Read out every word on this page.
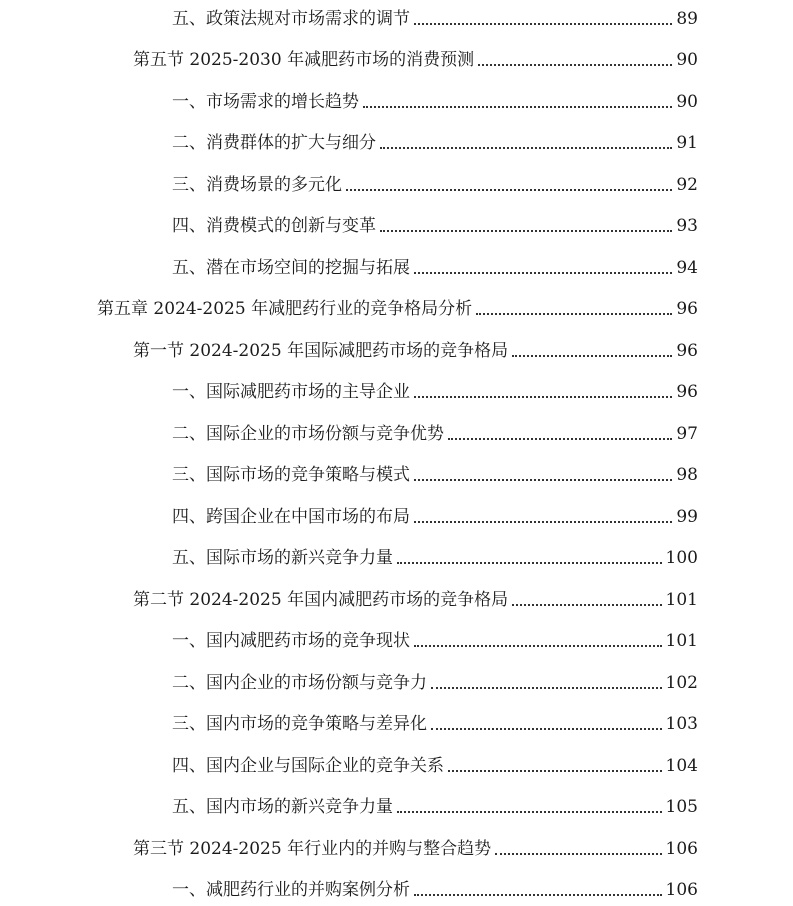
五、政策法规对市场需求的调节	89
第五节 2025-2030 年减肥药市场的消费预测	90
一、市场需求的增长趋势	90
二、消费群体的扩大与细分	91
三、消费场景的多元化	92
四、消费模式的创新与变革	93
五、潜在市场空间的挖掘与拓展	94
第五章 2024-2025 年减肥药行业的竞争格局分析	96
第一节 2024-2025 年国际减肥药市场的竞争格局	96
一、国际减肥药市场的主导企业	96
二、国际企业的市场份额与竞争优势	97
三、国际市场的竞争策略与模式	98
四、跨国企业在中国市场的布局	99
五、国际市场的新兴竞争力量	100
第二节 2024-2025 年国内减肥药市场的竞争格局	101
一、国内减肥药市场的竞争现状	101
二、国内企业的市场份额与竞争力	102
三、国内市场的竞争策略与差异化	103
四、国内企业与国际企业的竞争关系	104
五、国内市场的新兴竞争力量	105
第三节 2024-2025 年行业内的并购与整合趋势	106
一、减肥药行业的并购案例分析	106
